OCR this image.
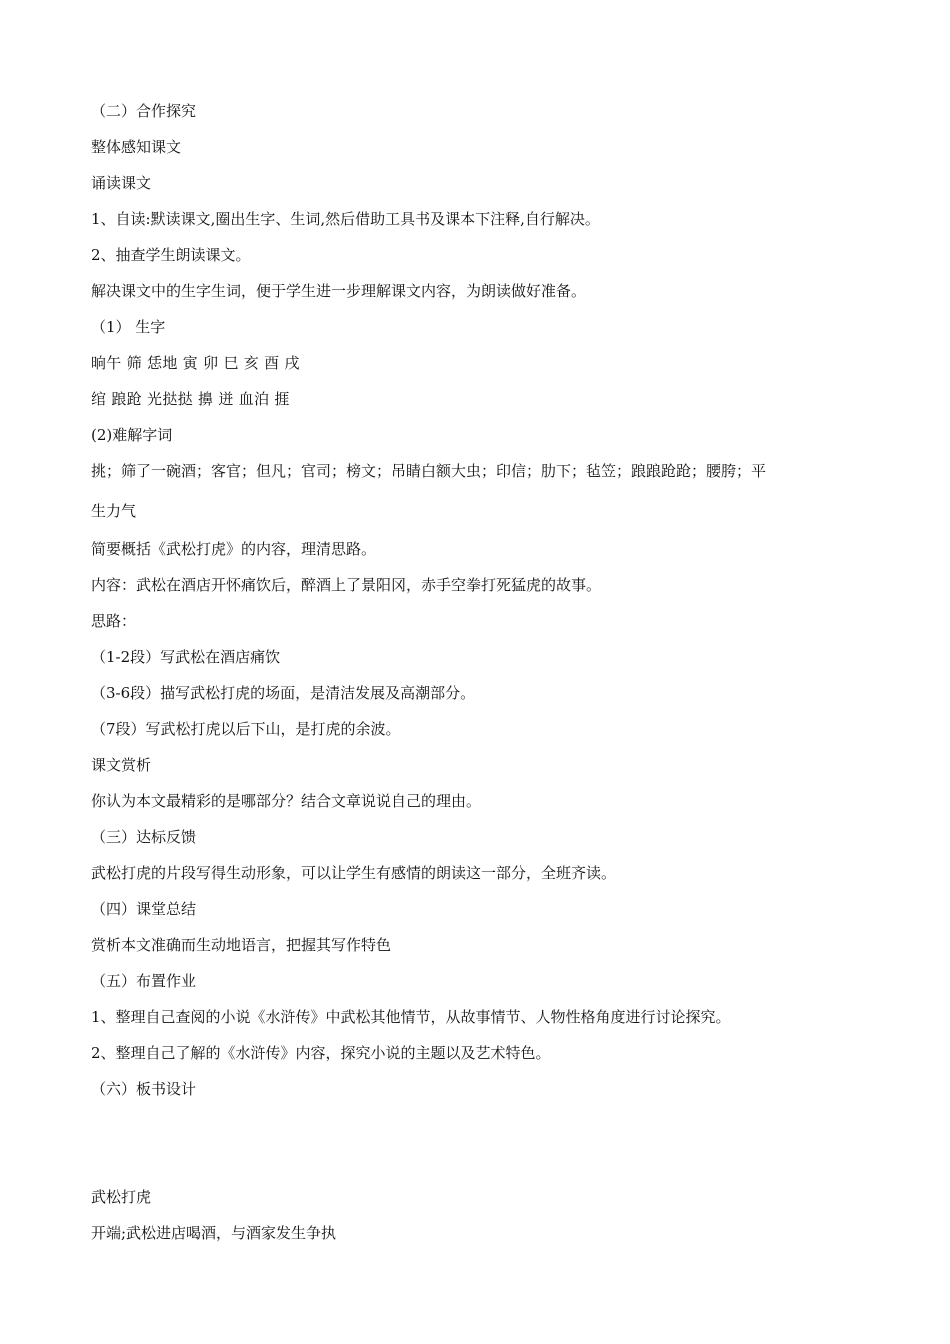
（二）合作探究
整体感知课文
诵读课文
1、自读:默读课文,圈出生字、生词,然后借助工具书及课本下注释,自行解决。
2、抽查学生朗读课文。
解决课文中的生字生词，便于学生进一步理解课文内容，为朗读做好准备。
（1） 生字
晌午 筛 恁地 寅 卯 巳 亥 酉 戌
绾 踉跄 光挞挞 擤 迸 血泊 捱
(2)难解字词
挑；筛了一碗酒；客官；但凡；官司；榜文；吊睛白额大虫；印信；肋下；毡笠；踉踉跄跄；腰胯；平
生力气
简要概括《武松打虎》的内容，理清思路。
内容：武松在酒店开怀痛饮后，醉酒上了景阳冈，赤手空拳打死猛虎的故事。
思路：
（1-2段）写武松在酒店痛饮
（3-6段）描写武松打虎的场面，是清洁发展及高潮部分。
（7段）写武松打虎以后下山，是打虎的余波。
课文赏析
你认为本文最精彩的是哪部分？结合文章说说自己的理由。
（三）达标反馈
武松打虎的片段写得生动形象，可以让学生有感情的朗读这一部分，全班齐读。
（四）课堂总结
赏析本文准确而生动地语言，把握其写作特色
（五）布置作业
1、整理自己查阅的小说《水浒传》中武松其他情节，从故事情节、人物性格角度进行讨论探究。
2、整理自己了解的《水浒传》内容，探究小说的主题以及艺术特色。
（六）板书设计
武松打虎
开端;武松进店喝酒，与酒家发生争执
